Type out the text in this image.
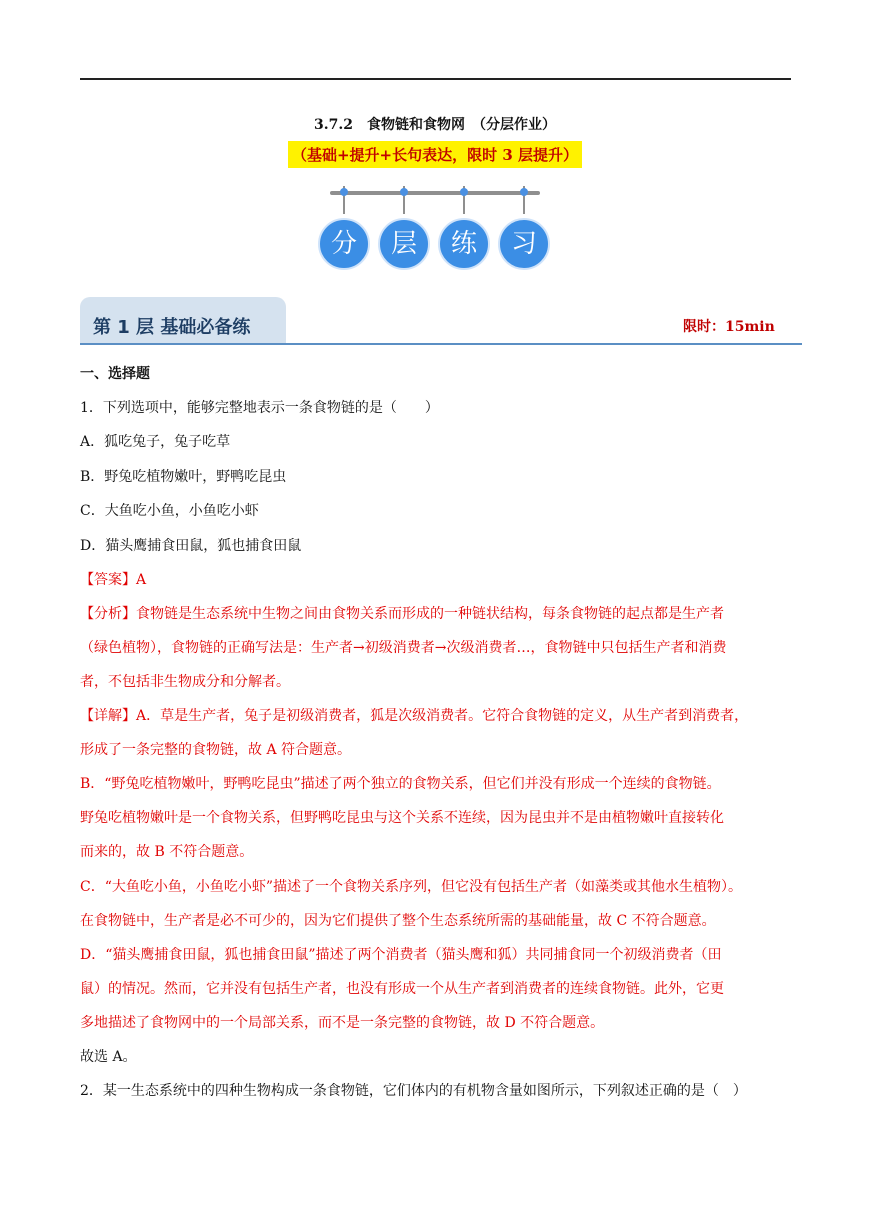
3.7.2　食物链和食物网　（分层作业）
（基础+提升+长句表达，限时 3 层提升）
分	层	练	习
第 1 层 基础必备练	限时：15min
一、选择题
1．下列选项中，能够完整地表示一条食物链的是（　　）
A．狐吃兔子，兔子吃草
B．野兔吃植物嫩叶，野鸭吃昆虫
C．大鱼吃小鱼，小鱼吃小虾
D．猫头鹰捕食田鼠，狐也捕食田鼠
【答案】A
【分析】食物链是生态系统中生物之间由食物关系而形成的一种链状结构，每条食物链的起点都是生产者
（绿色植物），食物链的正确写法是：生产者→初级消费者→次级消费者…，食物链中只包括生产者和消费
者，不包括非生物成分和分解者。
【详解】A．草是生产者，兔子是初级消费者，狐是次级消费者。它符合食物链的定义，从生产者到消费者，
形成了一条完整的食物链，故 A 符合题意。
B．“野兔吃植物嫩叶，野鸭吃昆虫”描述了两个独立的食物关系，但它们并没有形成一个连续的食物链。
野兔吃植物嫩叶是一个食物关系，但野鸭吃昆虫与这个关系不连续，因为昆虫并不是由植物嫩叶直接转化
而来的，故 B 不符合题意。
C．“大鱼吃小鱼，小鱼吃小虾”描述了一个食物关系序列，但它没有包括生产者（如藻类或其他水生植物）。
在食物链中，生产者是必不可少的，因为它们提供了整个生态系统所需的基础能量，故 C 不符合题意。
D．“猫头鹰捕食田鼠，狐也捕食田鼠”描述了两个消费者（猫头鹰和狐）共同捕食同一个初级消费者（田
鼠）的情况。然而，它并没有包括生产者，也没有形成一个从生产者到消费者的连续食物链。此外，它更
多地描述了食物网中的一个局部关系，而不是一条完整的食物链，故 D 不符合题意。
故选 A。
2．某一生态系统中的四种生物构成一条食物链，它们体内的有机物含量如图所示，下列叙述正确的是（　）
